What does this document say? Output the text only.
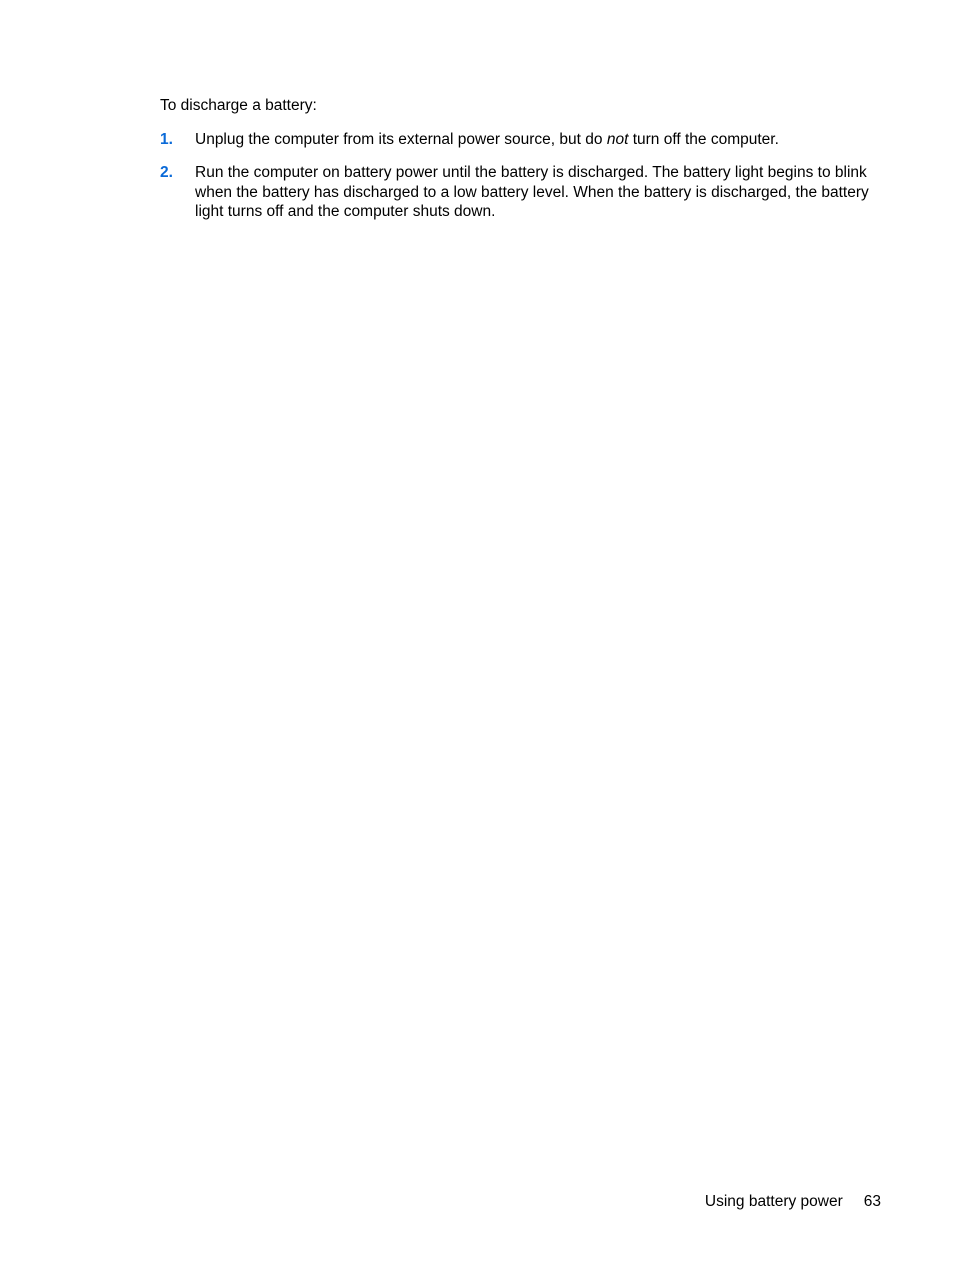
To discharge a battery:

1.	Unplug the computer from its external power source, but do not turn off the computer.
2.	Run the computer on battery power until the battery is discharged. The battery light begins to blink when the battery has discharged to a low battery level. When the battery is discharged, the battery light turns off and the computer shuts down.
Using battery power 63
